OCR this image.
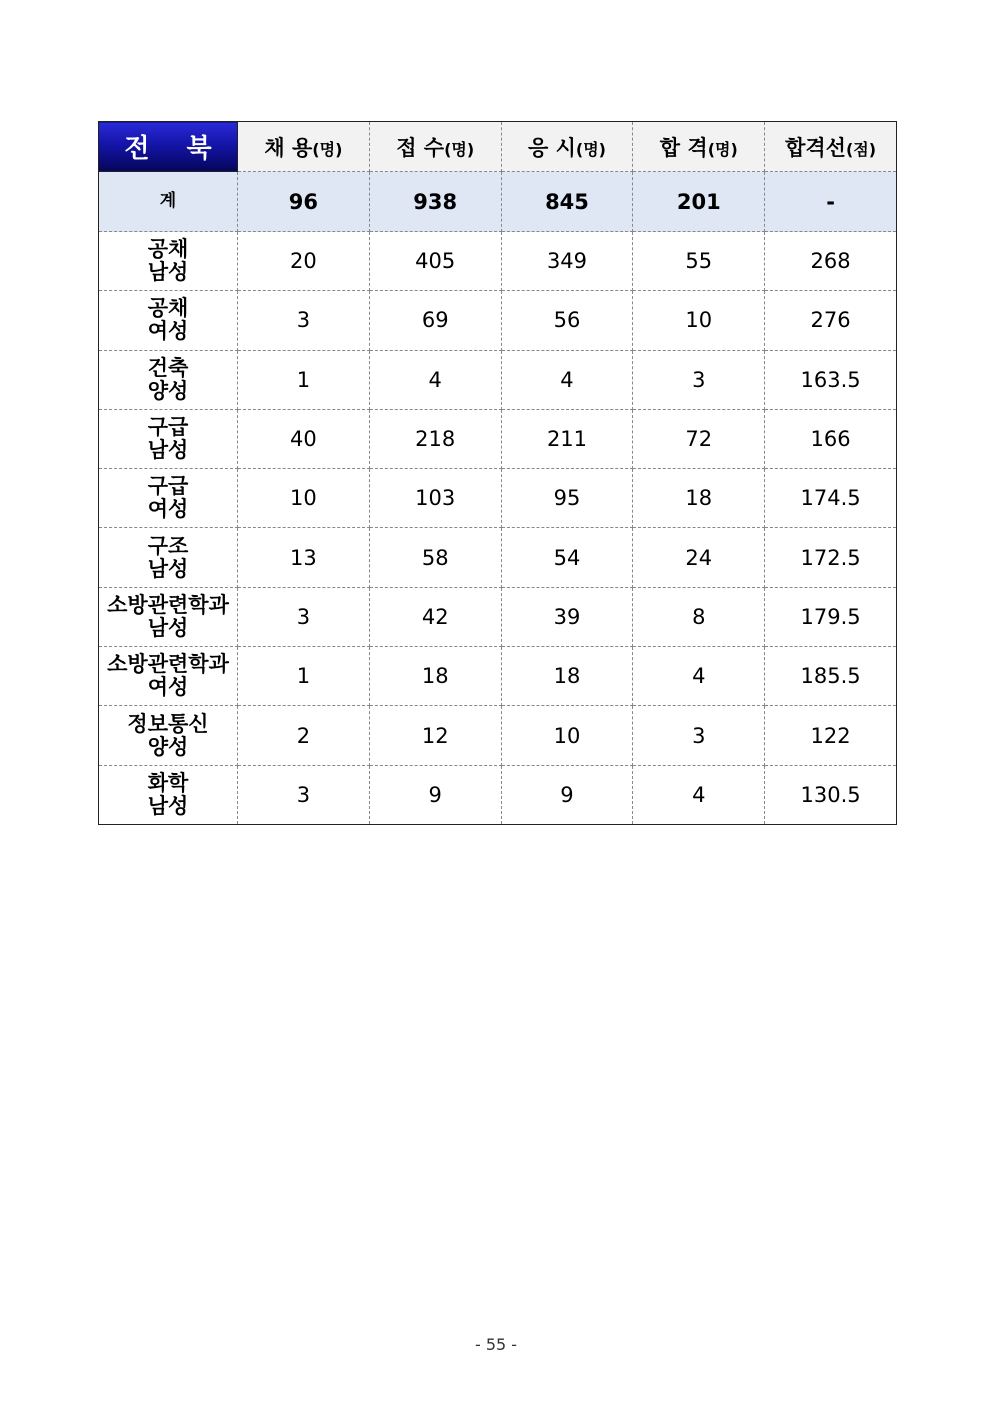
전 북	채 용(명)	접 수(명)	응 시(명)	합 격(명)	합격선(점)
계	96	938	845	201	-

공채
남성	20	405	349	55	268

공채
여성	3	69	56	10	276

건축
양성	1	4	4	3	163.5

구급
남성	40	218	211	72	166

구급
여성	10	103	95	18	174.5

구조
남성	13	58	54	24	172.5

소방관련학과
남성	3	42	39	8	179.5

소방관련학과
여성	1	18	18	4	185.5

정보통신
양성	2	12	10	3	122

화학
남성	3	9	9	4	130.5
- 55 -
